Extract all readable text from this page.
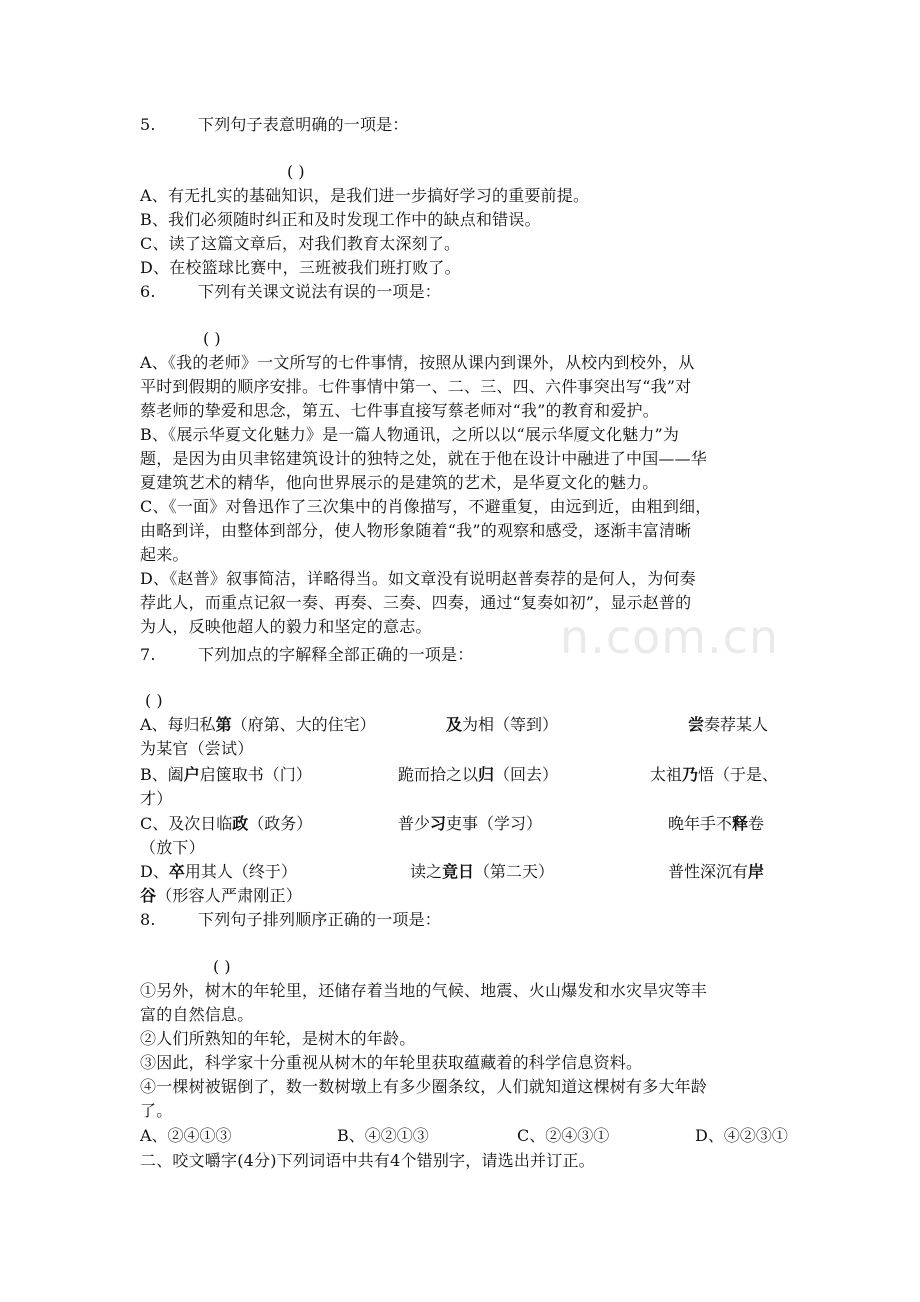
n.com.cn
5.	下列句子表意明确的一项是：
( )
A、有无扎实的基础知识，是我们进一步搞好学习的重要前提。
B、我们必须随时纠正和及时发现工作中的缺点和错误。
C、读了这篇文章后，对我们教育太深刻了。
D、在校篮球比赛中，三班被我们班打败了。
6.	下列有关课文说法有误的一项是：
( )
A、《我的老师》一文所写的七件事情，按照从课内到课外，从校内到校外，从
平时到假期的顺序安排。七件事情中第一、二、三、四、六件事突出写“我”对
蔡老师的挚爱和思念，第五、七件事直接写蔡老师对“我”的教育和爱护。
B、《展示华夏文化魅力》是一篇人物通讯，之所以以“展示华厦文化魅力”为
题，是因为由贝聿铭建筑设计的独特之处，就在于他在设计中融进了中国——华
夏建筑艺术的精华，他向世界展示的是建筑的艺术，是华夏文化的魅力。
C、《一面》对鲁迅作了三次集中的肖像描写，不避重复，由远到近，由粗到细，
由略到详，由整体到部分，使人物形象随着“我”的观察和感受，逐渐丰富清晰
起来。
D、《赵普》叙事简洁，详略得当。如文章没有说明赵普奏荐的是何人，为何奏
荐此人，而重点记叙一奏、再奏、三奏、四奏，通过“复奏如初”，显示赵普的
为人，反映他超人的毅力和坚定的意志。
7.	下列加点的字解释全部正确的一项是：
( )
A、每归私第（府第、大的住宅）	及为相（等到）	尝奏荐某人
为某官（尝试）
B、阖户启箧取书（门）	跪而拾之以归（回去）	太祖乃悟（于是、
才）
C、及次日临政（政务）	普少习吏事（学习）	晚年手不释卷
（放下）
D、卒用其人（终于）	读之竟日（第二天）	普性深沉有岸
谷（形容人严肃刚正）
8.	下列句子排列顺序正确的一项是：
( )
①另外，树木的年轮里，还储存着当地的气候、地震、火山爆发和水灾旱灾等丰
富的自然信息。
②人们所熟知的年轮，是树木的年龄。
③因此，科学家十分重视从树木的年轮里获取蕴藏着的科学信息资料。
④一棵树被锯倒了，数一数树墩上有多少圈条纹，人们就知道这棵树有多大年龄
了。
A、②④①③	B、④②①③	C、②④③①	D、④②③①
二、咬文嚼字(4分)下列词语中共有4个错别字，请选出并订正。
